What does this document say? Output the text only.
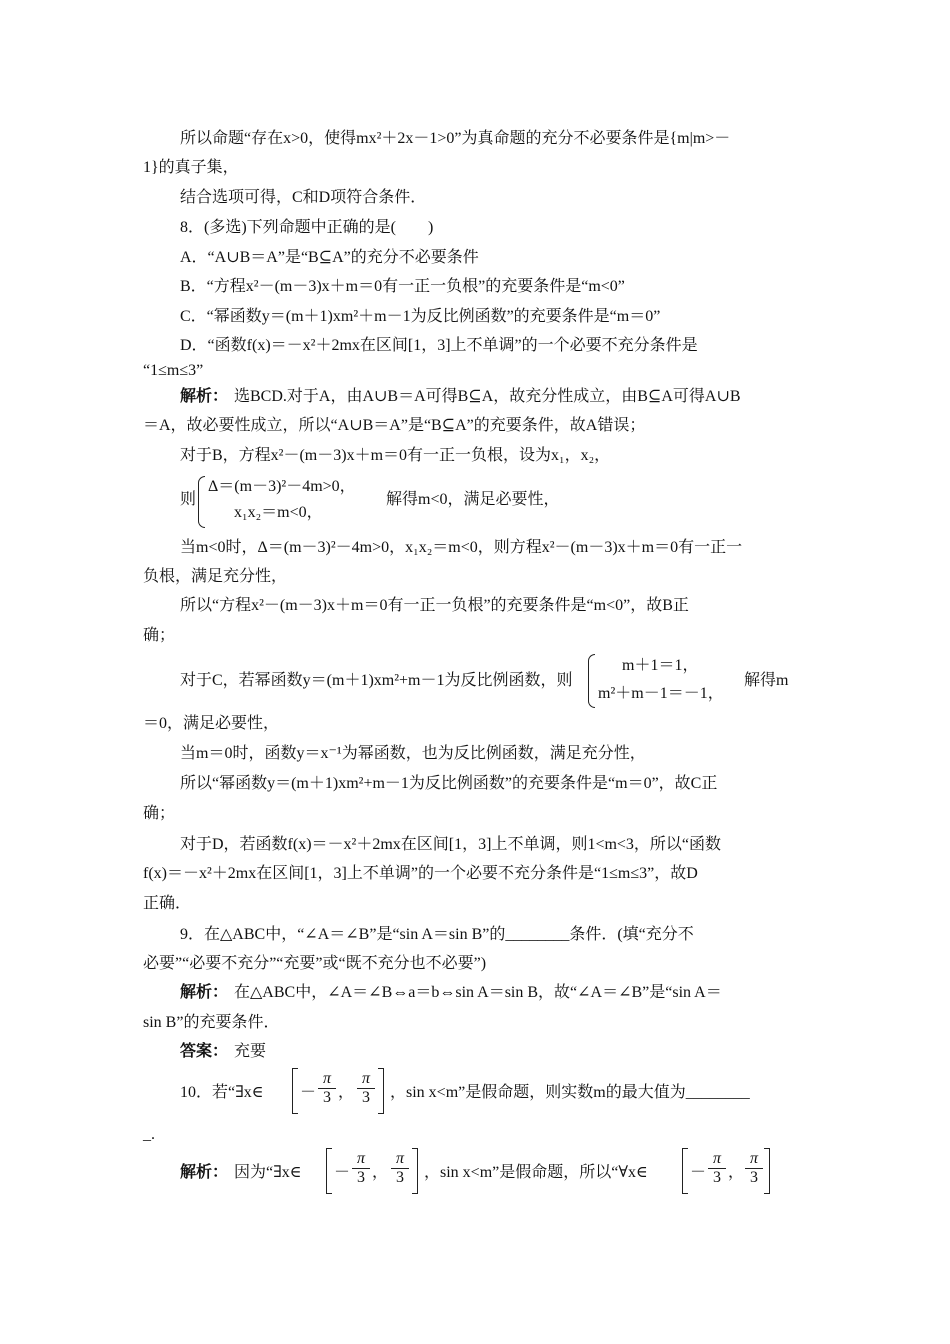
所以命题“存在x>0，使得mx²＋2x－1>0”为真命题的充分不必要条件是{m|m>－
1}的真子集，
结合选项可得，C和D项符合条件．
8．(多选)下列命题中正确的是(　　)
A．“A∪B＝A”是“B⊆A”的充分不必要条件
B．“方程x²－(m－3)x＋m＝0有一正一负根”的充要条件是“m<0”
C．“幂函数y＝(m＋1)xm²＋m－1为反比例函数”的充要条件是“m＝0”
D．“函数f(x)＝－x²＋2mx在区间[1，3]上不单调”的一个必要不充分条件是
“1≤m≤3”
解析： 选BCD.对于A，由A∪B＝A可得B⊆A，故充分性成立，由B⊆A可得A∪B
＝A，故必要性成立，所以“A∪B＝A”是“B⊆A”的充要条件，故A错误；
对于B，方程x²－(m－3)x＋m＝0有一正一负根，设为x₁，x₂，
则
Δ＝(m－3)²－4m>0，
x₁x₂＝m<0，
解得m<0，满足必要性，
当m<0时，Δ＝(m－3)²－4m>0，x₁x₂＝m<0，则方程x²－(m－3)x＋m＝0有一正一
负根，满足充分性，
所以“方程x²－(m－3)x＋m＝0有一正一负根”的充要条件是“m<0”，故B正
确；
对于C，若幂函数y＝(m＋1)xm²+m－1为反比例函数，则
m＋1＝1，
m²＋m－1＝－1，
解得m
＝0，满足必要性，
当m＝0时，函数y＝x⁻¹为幂函数，也为反比例函数，满足充分性，
所以“幂函数y＝(m＋1)xm²+m－1为反比例函数”的充要条件是“m＝0”，故C正
确；
对于D，若函数f(x)＝－x²＋2mx在区间[1，3]上不单调，则1<m<3，所以“函数
f(x)＝－x²＋2mx在区间[1，3]上不单调”的一个必要不充分条件是“1≤m≤3”，故D
正确．
9．在△ABC中，“∠A＝∠B”是“sin A＝sin B”的________条件．(填“充分不
必要”“必要不充分”“充要”或“既不充分也不必要”)
解析： 在△ABC中，∠A＝∠B⇔a＝b⇔sin A＝sin B，故“∠A＝∠B”是“sin A＝
sin B”的充要条件．
答案： 充要
10．若“∃x∈ － $\frac{\pi}{3}$ ， $\frac{\pi}{3}$ ，sin x<m”是假命题，则实数m的最大值为________
_.
解析： 因为“∃x∈ － $\frac{\pi}{3}$ ， $\frac{\pi}{3}$ ，sin x<m”是假命题，所以“∀x∈	－ $\frac{\pi}{3}$ ， $\frac{\pi}{3}$
